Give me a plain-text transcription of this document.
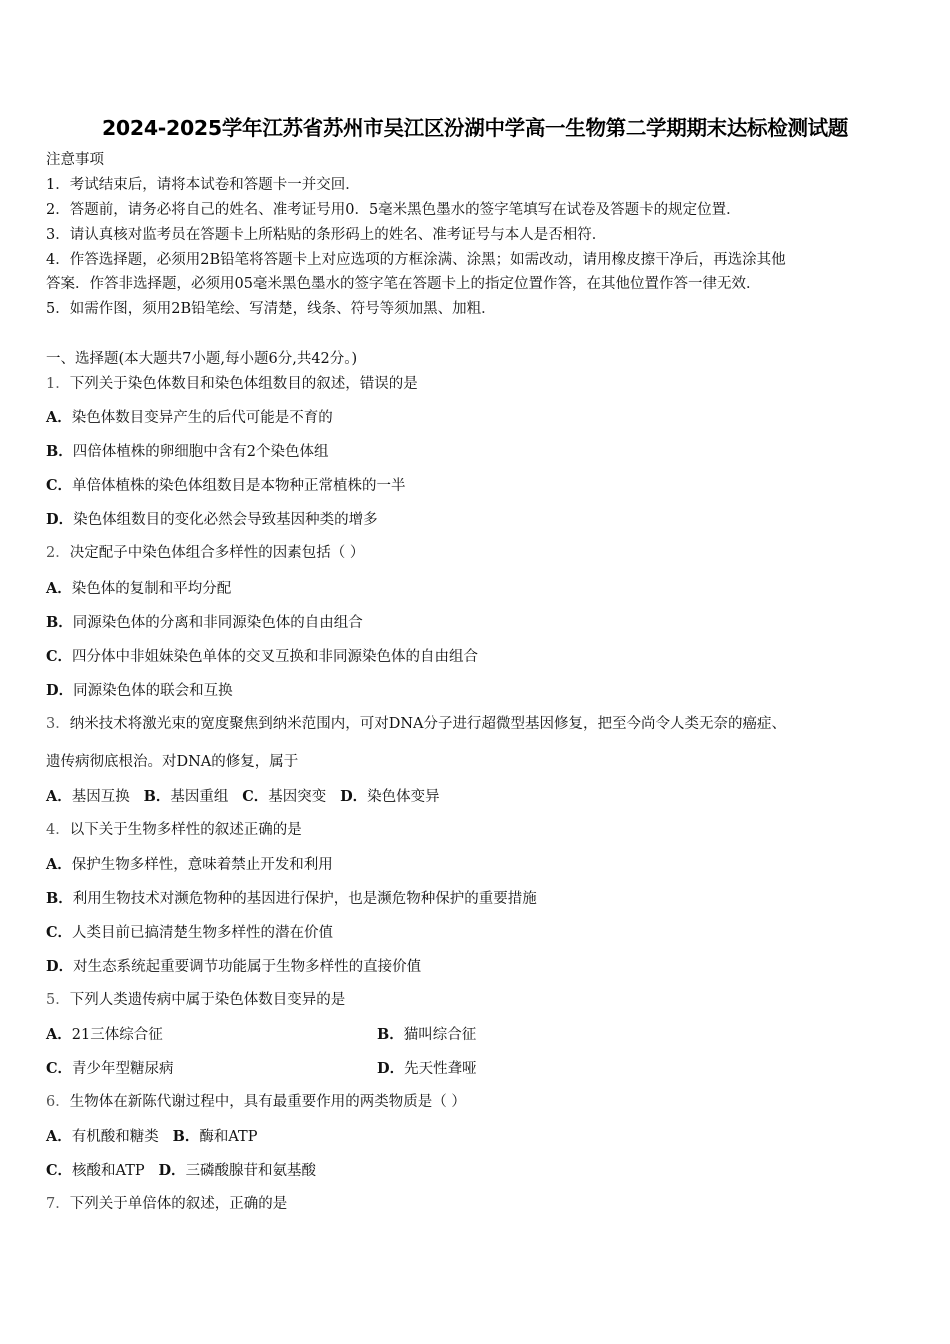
2024-2025学年江苏省苏州市吴江区汾湖中学高一生物第二学期期末达标检测试题
注意事项
1．考试结束后，请将本试卷和答题卡一并交回．
2．答题前，请务必将自己的姓名、准考证号用0．5毫米黑色墨水的签字笔填写在试卷及答题卡的规定位置．
3．请认真核对监考员在答题卡上所粘贴的条形码上的姓名、准考证号与本人是否相符．
4．作答选择题，必须用2B铅笔将答题卡上对应选项的方框涂满、涂黑；如需改动，请用橡皮擦干净后，再选涂其他
答案．作答非选择题，必须用05毫米黑色墨水的签字笔在答题卡上的指定位置作答，在其他位置作答一律无效．
5．如需作图，须用2B铅笔绘、写清楚，线条、符号等须加黑、加粗．
一、选择题(本大题共7小题,每小题6分,共42分。)
1．下列关于染色体数目和染色体组数目的叙述，错误的是
A．染色体数目变异产生的后代可能是不育的
B．四倍体植株的卵细胞中含有2个染色体组
C．单倍体植株的染色体组数目是本物种正常植株的一半
D．染色体组数目的变化必然会导致基因种类的增多
2．决定配子中染色体组合多样性的因素包括（ ）
A．染色体的复制和平均分配
B．同源染色体的分离和非同源染色体的自由组合
C．四分体中非姐妹染色单体的交叉互换和非同源染色体的自由组合
D．同源染色体的联会和互换
3．纳米技术将激光束的宽度聚焦到纳米范围内，可对DNA分子进行超微型基因修复，把至今尚令人类无奈的癌症、
遗传病彻底根治。对DNA的修复，属于
A．基因互换 B．基因重组 C．基因突变 D．染色体变异
4．以下关于生物多样性的叙述正确的是
A．保护生物多样性，意味着禁止开发和利用
B．利用生物技术对濒危物种的基因进行保护，也是濒危物种保护的重要措施
C．人类目前已搞清楚生物多样性的潜在价值
D．对生态系统起重要调节功能属于生物多样性的直接价值
5．下列人类遗传病中属于染色体数目变异的是
A．21三体综合征	B．猫叫综合征
C．青少年型糖尿病	D．先天性聋哑
6．生物体在新陈代谢过程中，具有最重要作用的两类物质是（ ）
A．有机酸和糖类 B．酶和ATP
C．核酸和ATP D．三磷酸腺苷和氨基酸
7．下列关于单倍体的叙述，正确的是
